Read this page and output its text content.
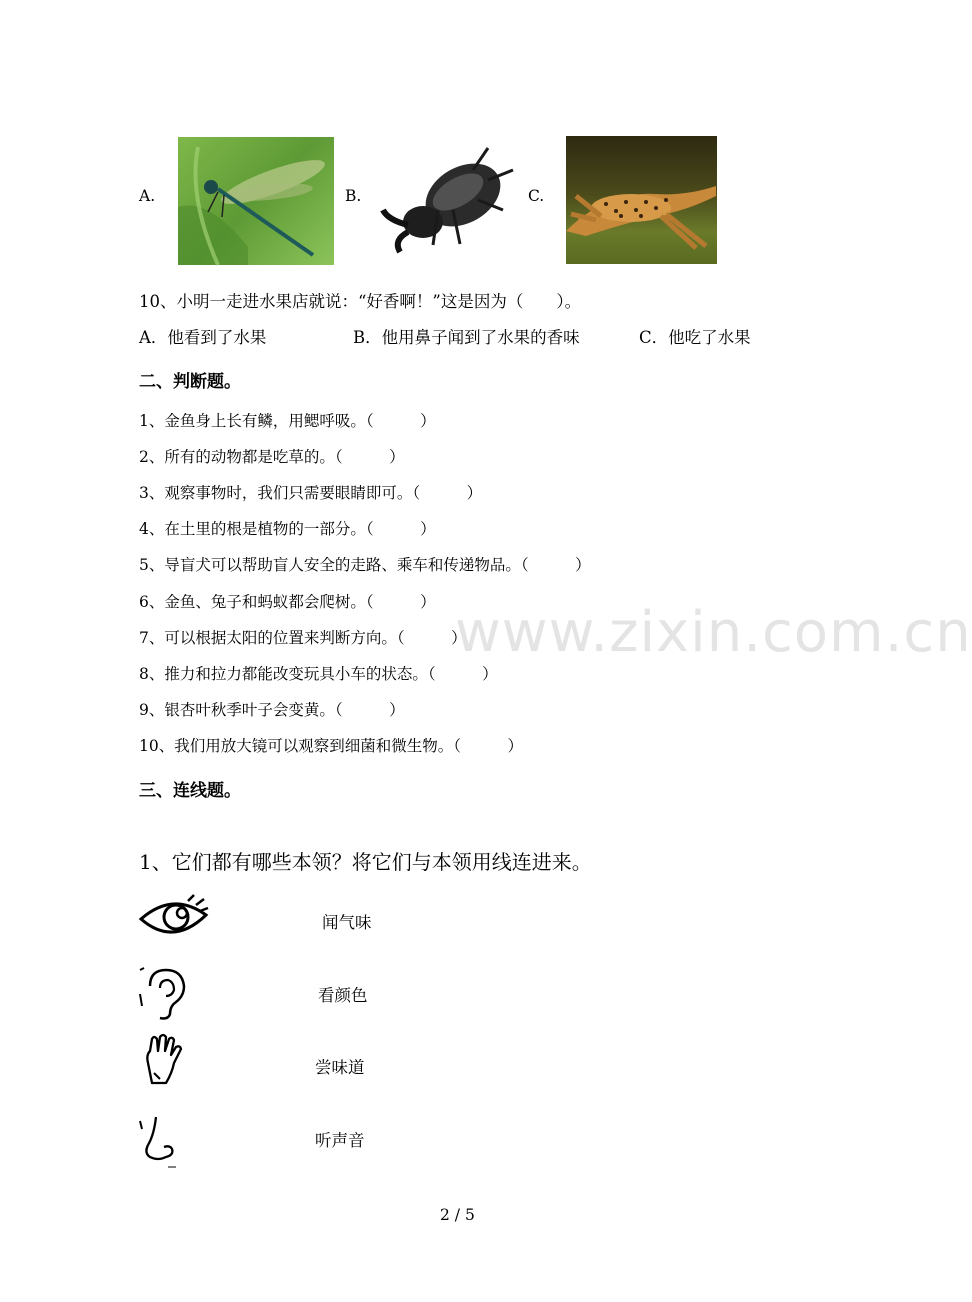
A.	B.	C.
10、小明一走进水果店就说：“好香啊！”这是因为（　　）。
A．他看到了水果	B．他用鼻子闻到了水果的香味	C．他吃了水果
二、判断题。
1、金鱼身上长有鳞，用鳃呼吸。（　　　）
2、所有的动物都是吃草的。（　　　）
3、观察事物时，我们只需要眼睛即可。（　　　）
4、在土里的根是植物的一部分。（　　　）
5、导盲犬可以帮助盲人安全的走路、乘车和传递物品。（　　　）
6、金鱼、兔子和蚂蚁都会爬树。（　　　）
7、可以根据太阳的位置来判断方向。（　　　）
8、推力和拉力都能改变玩具小车的状态。（　　　）
9、银杏叶秋季叶子会变黄。（　　　）
10、我们用放大镜可以观察到细菌和微生物。（　　　）
www.zixin.com.cn
三、连线题。
1、它们都有哪些本领？将它们与本领用线连进来。
闻气味
看颜色
尝味道
听声音
2 / 5
